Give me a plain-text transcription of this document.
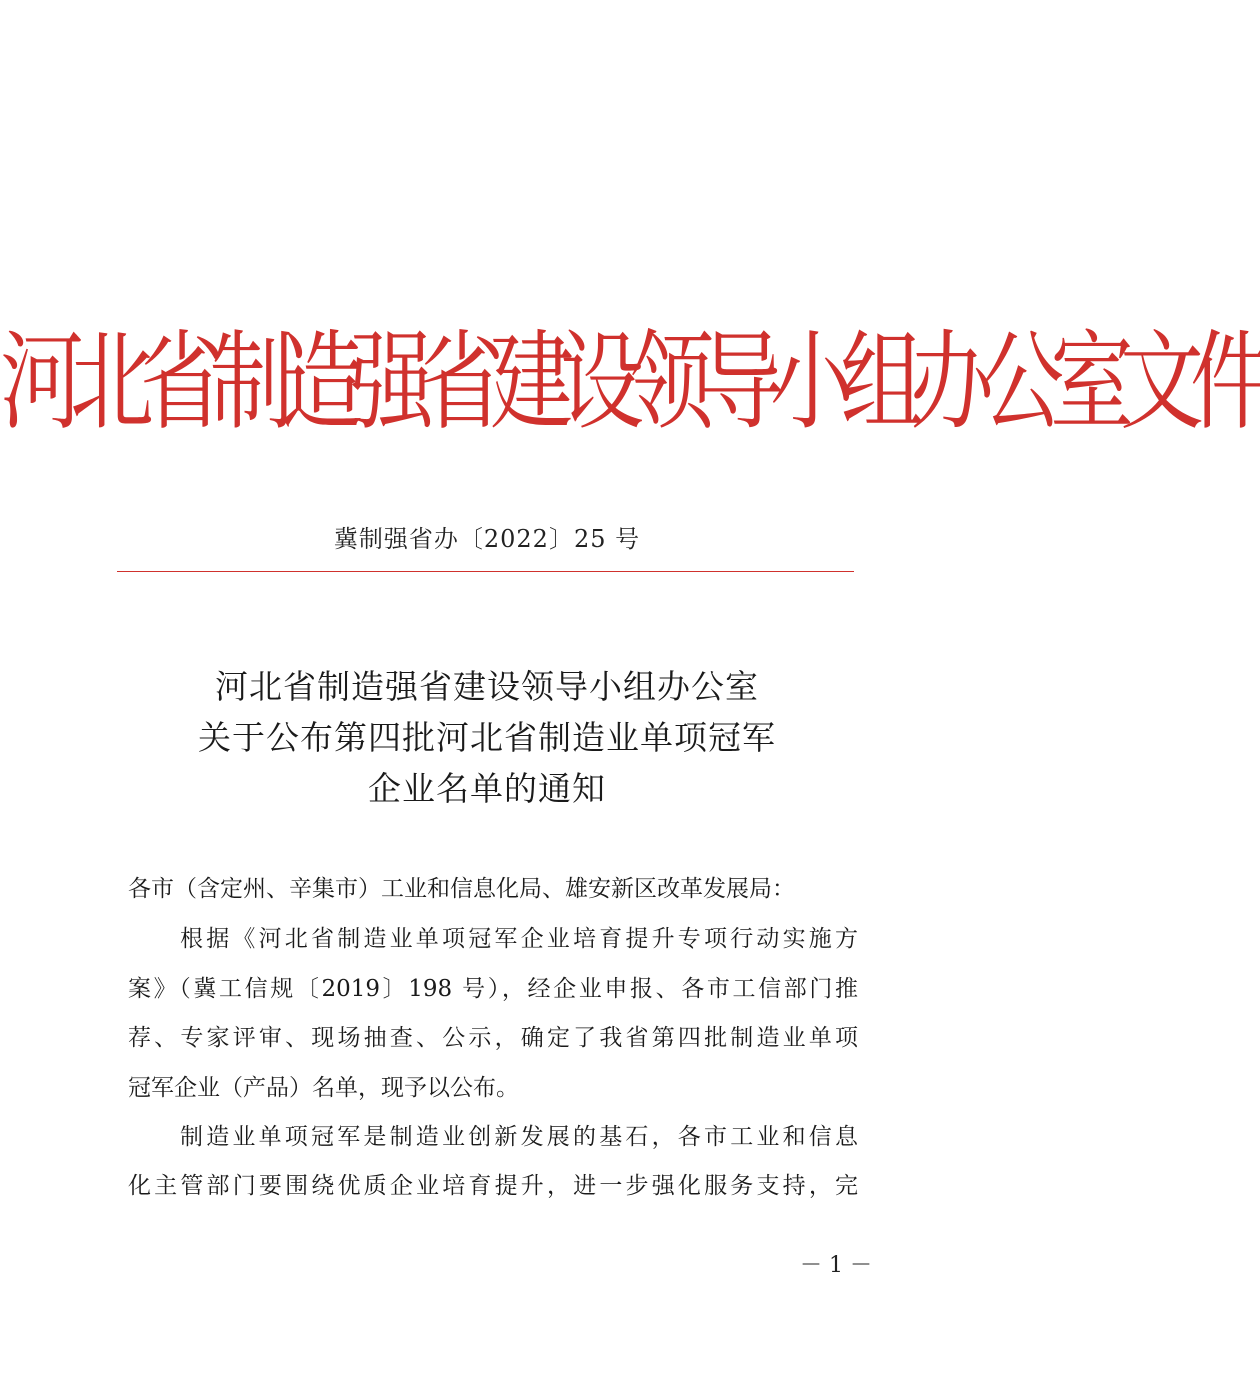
河北省制造强省建设领导小组办公室文件
冀制强省办〔2022〕25 号
河北省制造强省建设领导小组办公室
关于公布第四批河北省制造业单项冠军
企业名单的通知
各市（含定州、辛集市）工业和信息化局、雄安新区改革发展局：
根据《河北省制造业单项冠军企业培育提升专项行动实施方
案》（冀工信规〔2019〕198 号），经企业申报、各市工信部门推
荐、专家评审、现场抽查、公示，确定了我省第四批制造业单项
冠军企业（产品）名单，现予以公布。
制造业单项冠军是制造业创新发展的基石，各市工业和信息
化主管部门要围绕优质企业培育提升，进一步强化服务支持，完
－ 1 －
